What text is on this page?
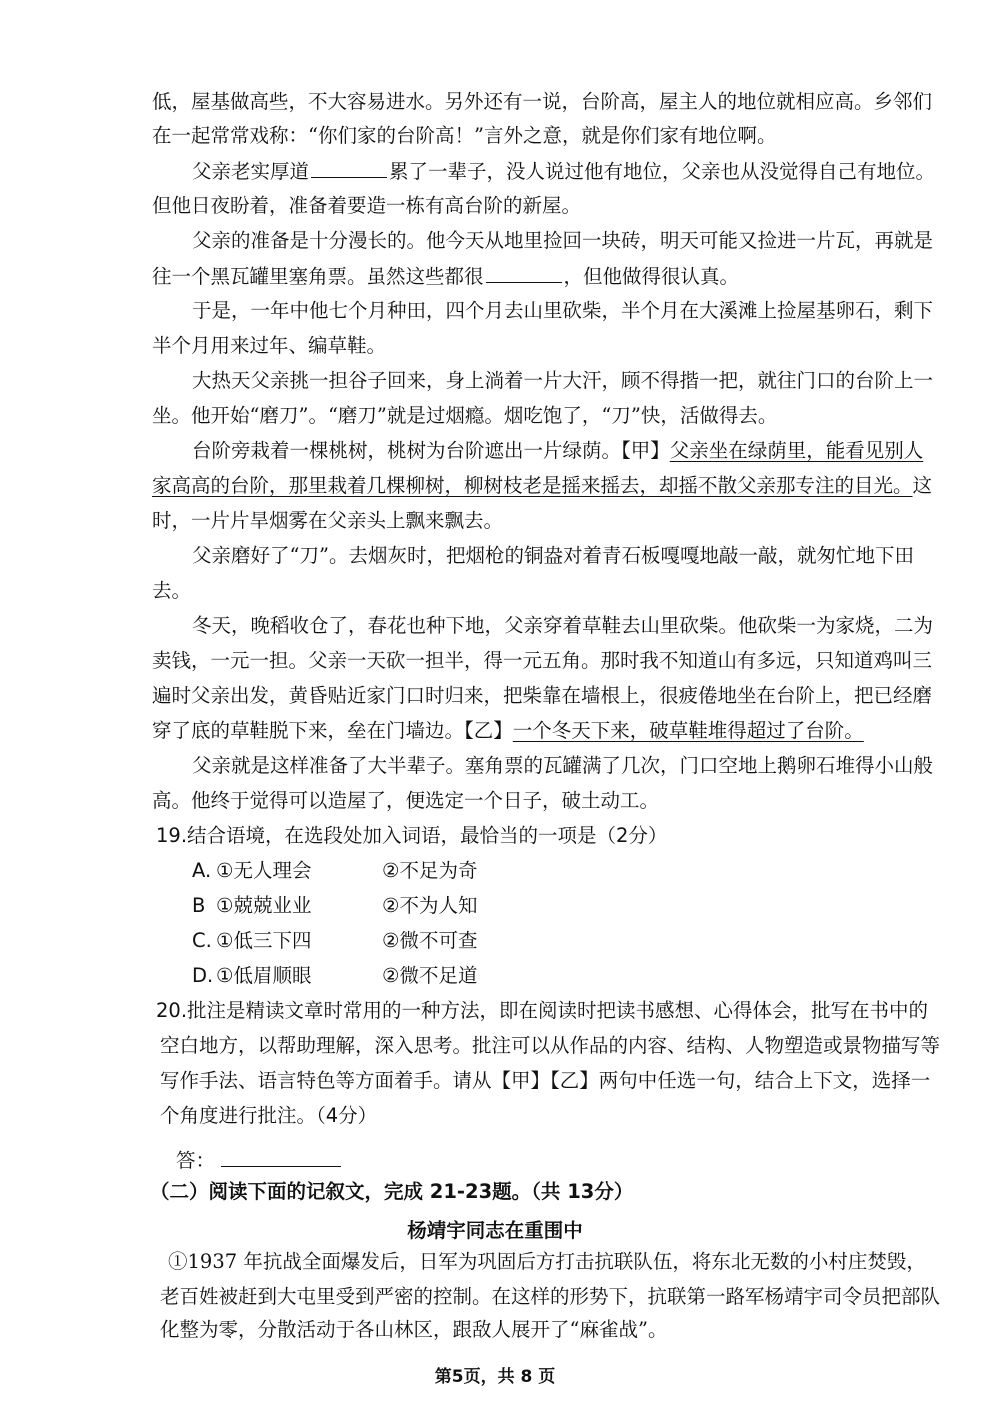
低，屋基做高些，不大容易进水。另外还有一说，台阶高，屋主人的地位就相应高。乡邻们
在一起常常戏称：“你们家的台阶高！”言外之意，就是你们家有地位啊。
父亲老实厚道	累了一辈子，没人说过他有地位，父亲也从没觉得自己有地位。
但他日夜盼着，准备着要造一栋有高台阶的新屋。
父亲的准备是十分漫长的。他今天从地里捡回一块砖，明天可能又捡进一片瓦，再就是
往一个黑瓦罐里塞角票。虽然这些都很	，但他做得很认真。
于是，一年中他七个月种田，四个月去山里砍柴，半个月在大溪滩上捡屋基卵石，剩下
半个月用来过年、编草鞋。
大热天父亲挑一担谷子回来，身上淌着一片大汗，顾不得揩一把，就往门口的台阶上一
坐。他开始“磨刀”。“磨刀”就是过烟瘾。烟吃饱了，“刀”快，活做得去。
台阶旁栽着一棵桃树，桃树为台阶遮出一片绿荫。【甲】父亲坐在绿荫里，能看见别人
家高高的台阶，那里栽着几棵柳树，柳树枝老是摇来摇去，却摇不散父亲那专注的目光。这
时，一片片旱烟雾在父亲头上飘来飘去。
父亲磨好了“刀”。去烟灰时，把烟枪的铜盎对着青石板嘎嘎地敲一敲，就匆忙地下田
去。
冬天，晚稻收仓了，春花也种下地，父亲穿着草鞋去山里砍柴。他砍柴一为家烧，二为
卖钱，一元一担。父亲一天砍一担半，得一元五角。那时我不知道山有多远，只知道鸡叫三
遍时父亲出发，黄昏贴近家门口时归来，把柴靠在墙根上，很疲倦地坐在台阶上，把已经磨
穿了底的草鞋脱下来，垒在门墙边。【乙】一个冬天下来，破草鞋堆得超过了台阶。
父亲就是这样准备了大半辈子。塞角票的瓦罐满了几次，门口空地上鹅卵石堆得小山般
高。他终于觉得可以造屋了，便选定一个日子，破土动工。
19.结合语境，在选段处加入词语，最恰当的一项是（2分）
A. ①无人理会	②不足为奇
B ①兢兢业业	②不为人知
C. ①低三下四	②微不可查
D. ①低眉顺眼	②微不足道
20.批注是精读文章时常用的一种方法，即在阅读时把读书感想、心得体会，批写在书中的
空白地方，以帮助理解，深入思考。批注可以从作品的内容、结构、人物塑造或景物描写等
写作手法、语言特色等方面着手。请从【甲】【乙】两句中任选一句，结合上下文，选择一
个角度进行批注。（4分）
答：
（二）阅读下面的记叙文，完成 21-23题。（共 13分）
杨靖宇同志在重围中
①1937 年抗战全面爆发后，日军为巩固后方打击抗联队伍，将东北无数的小村庄焚毁，
老百姓被赶到大屯里受到严密的控制。在这样的形势下，抗联第一路军杨靖宇司令员把部队
化整为零，分散活动于各山林区，跟敌人展开了“麻雀战”。
第5页，共 8 页
